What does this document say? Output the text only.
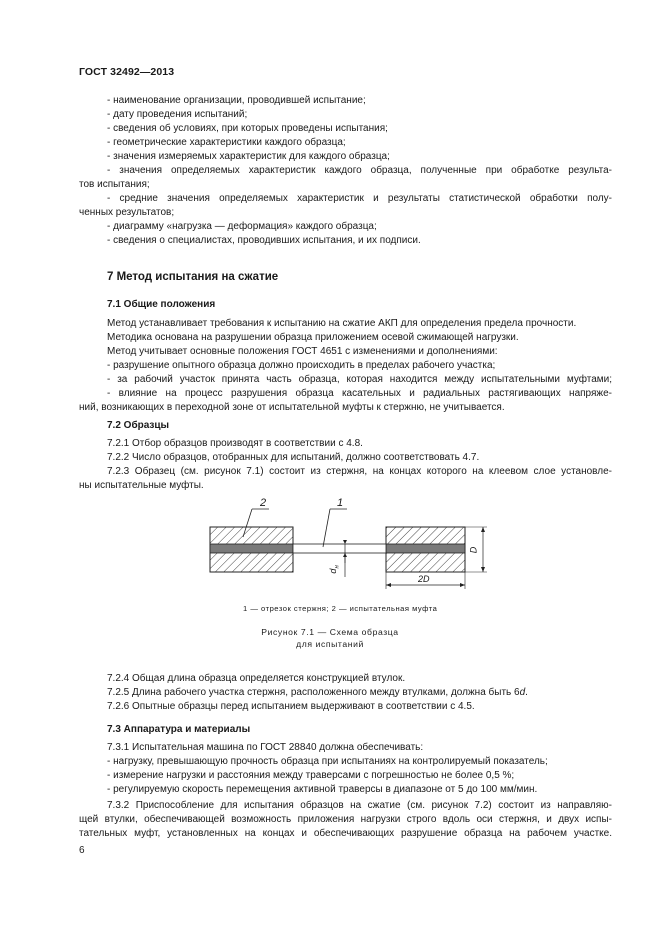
ГОСТ 32492—2013
- наименование организации, проводившей испытание;
- дату проведения испытаний;
- сведения об условиях, при которых проведены испытания;
- геометрические характеристики каждого образца;
- значения измеряемых характеристик для каждого образца;
- значения определяемых характеристик каждого образца, полученные при обработке результа-
тов испытания;
- средние значения определяемых характеристик и результаты статистической обработки полу-
ченных результатов;
- диаграмму «нагрузка — деформация» каждого образца;
- сведения о специалистах, проводивших испытания, и их подписи.
7 Метод испытания на сжатие
7.1 Общие положения
Метод устанавливает требования к испытанию на сжатие АКП для определения предела прочности.
Методика основана на разрушении образца приложением осевой сжимающей нагрузки.
Метод учитывает основные положения ГОСТ 4651 с изменениями и дополнениями:
- разрушение опытного образца должно происходить в пределах рабочего участка;
- за рабочий участок принята часть образца, которая находится между испытательными муфтами;
- влияние на процесс разрушения образца касательных и радиальных растягивающих напряже-
ний, возникающих в переходной зоне от испытательной муфты к стержню, не учитывается.
7.2 Образцы
7.2.1 Отбор образцов производят в соответствии с 4.8.
7.2.2 Число образцов, отобранных для испытаний, должно соответствовать 4.7.
7.2.3 Образец (см. рисунок 7.1) состоит из стержня, на концах которого на клеевом слое установле-
ны испытательные муфты.
2	1
D
2D
$d_н$
1 — отрезок стержня; 2 — испытательная муфта
Рисунок 7.1 — Схема образца
для испытаний
7.2.4 Общая длина образца определяется конструкцией втулок.
7.2.5 Длина рабочего участка стержня, расположенного между втулками, должна быть 6d.
7.2.6 Опытные образцы перед испытанием выдерживают в соответствии с 4.5.
7.3 Аппаратура и материалы
7.3.1 Испытательная машина по ГОСТ 28840 должна обеспечивать:
- нагрузку, превышающую прочность образца при испытаниях на контролируемый показатель;
- измерение нагрузки и расстояния между траверсами с погрешностью не более 0,5 %;
- регулируемую скорость перемещения активной траверсы в диапазоне от 5 до 100 мм/мин.
7.3.2 Приспособление для испытания образцов на сжатие (см. рисунок 7.2) состоит из направляю-
щей втулки, обеспечивающей возможность приложения нагрузки строго вдоль оси стержня, и двух испы-
тательных муфт, установленных на концах и обеспечивающих разрушение образца на рабочем участке.
6
